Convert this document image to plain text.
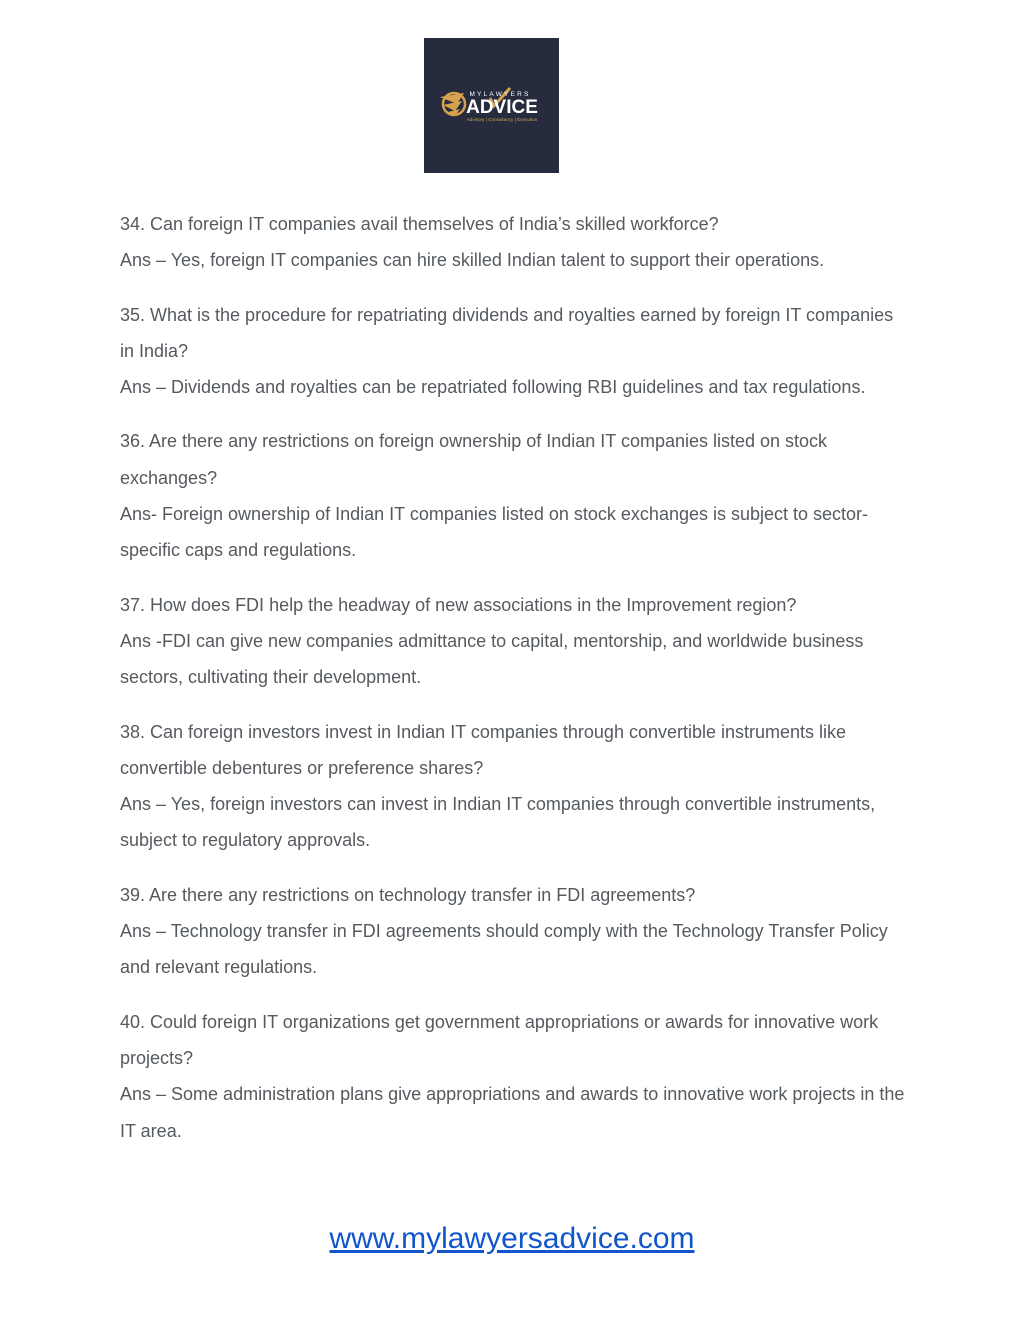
MYLAWYERS
ADVICE
Advisory | Consultancy | Execution

34. Can foreign IT companies avail themselves of India’s skilled workforce?

Ans – Yes, foreign IT companies can hire skilled Indian talent to support their operations.

35. What is the procedure for repatriating dividends and royalties earned by foreign IT companies in India?

Ans – Dividends and royalties can be repatriated following RBI guidelines and tax regulations.

36. Are there any restrictions on foreign ownership of Indian IT companies listed on stock exchanges?

Ans- Foreign ownership of Indian IT companies listed on stock exchanges is subject to sector-specific caps and regulations.

37. How does FDI help the headway of new associations in the Improvement region?

Ans -FDI can give new companies admittance to capital, mentorship, and worldwide business sectors, cultivating their development.

38. Can foreign investors invest in Indian IT companies through convertible instruments like convertible debentures or preference shares?

Ans – Yes, foreign investors can invest in Indian IT companies through convertible instruments, subject to regulatory approvals.

39. Are there any restrictions on technology transfer in FDI agreements?

Ans – Technology transfer in FDI agreements should comply with the Technology Transfer Policy and relevant regulations.

40. Could foreign IT organizations get government appropriations or awards for innovative work projects?

Ans – Some administration plans give appropriations and awards to innovative work projects in the IT area.

www.mylawyersadvice.com
